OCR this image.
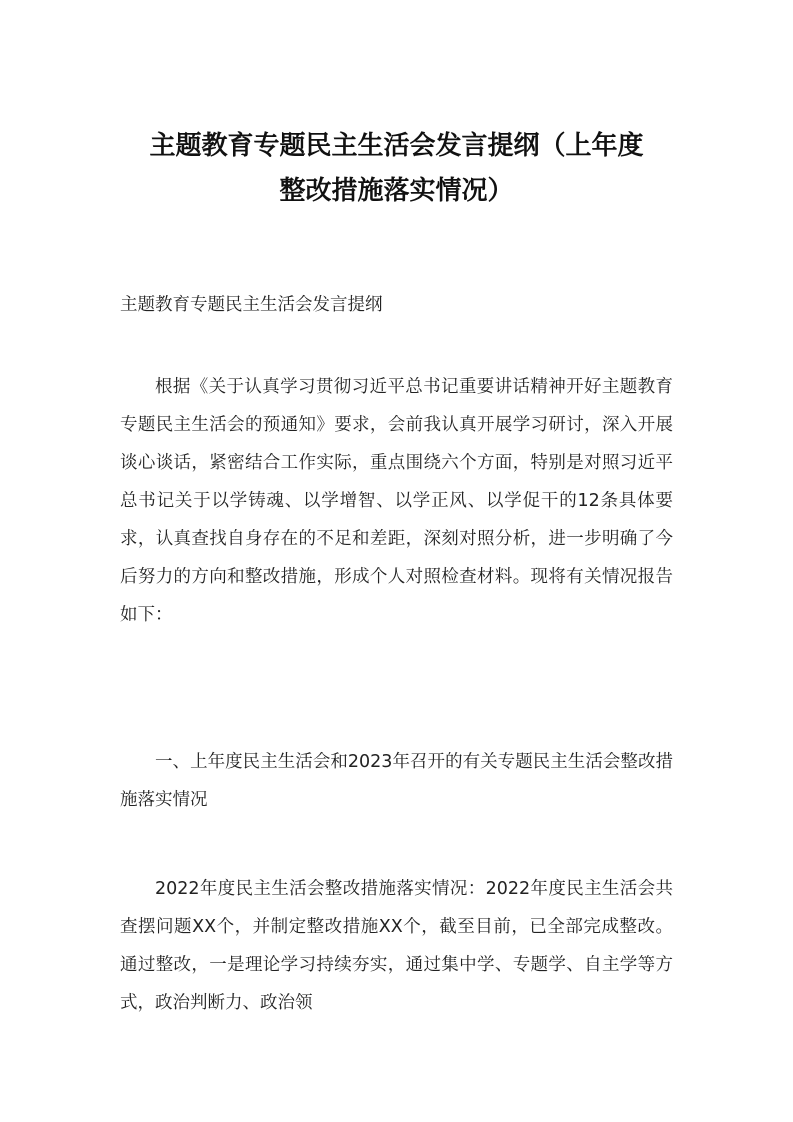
主题教育专题民主生活会发言提纲（上年度
整改措施落实情况）

主题教育专题民主生活会发言提纲

根据《关于认真学习贯彻习近平总书记重要讲话精神开好主题教育专题民主生活会的预通知》要求，会前我认真开展学习研讨，深入开展谈心谈话，紧密结合工作实际，重点围绕六个方面，特别是对照习近平总书记关于以学铸魂、以学增智、以学正风、以学促干的12条具体要求，认真查找自身存在的不足和差距，深刻对照分析，进一步明确了今后努力的方向和整改措施，形成个人对照检查材料。现将有关情况报告如下：

一、上年度民主生活会和2023年召开的有关专题民主生活会整改措施落实情况

2022年度民主生活会整改措施落实情况：2022年度民主生活会共查摆问题XX个，并制定整改措施XX个，截至目前，已全部完成整改。通过整改，一是理论学习持续夯实，通过集中学、专题学、自主学等方式，政治判断力、政治领
